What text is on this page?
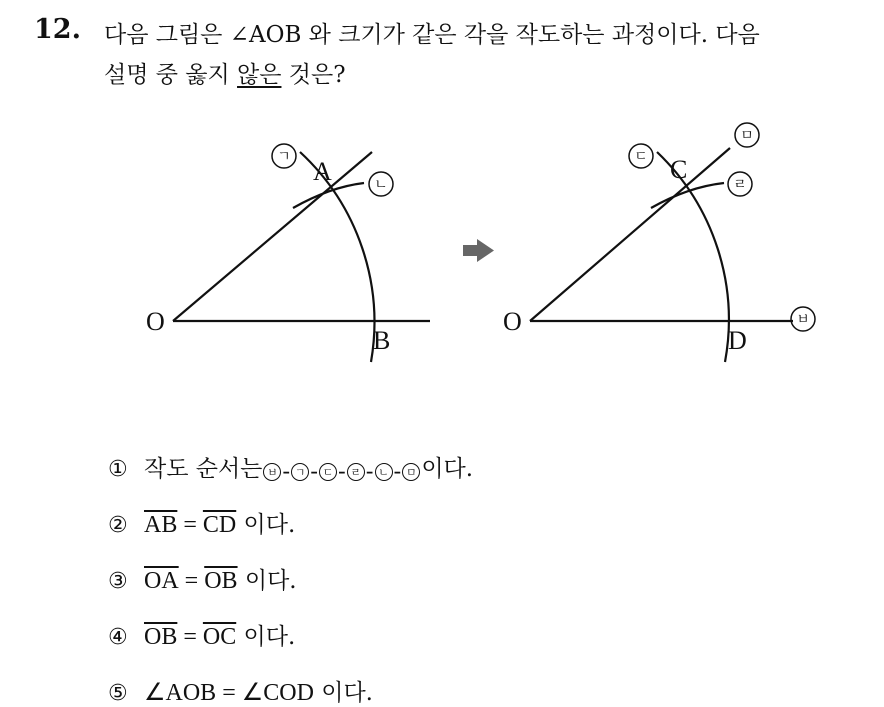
12. 다음 그림은 ∠AOB 와 크기가 같은 각을 작도하는 과정이다. 다음
설명 중 옳지 않은 것은?
O
A
B
ㄱ
ㄴ
O
C
D
ㄷ
ㄹ
ㅁ
ㅂ
① 작도 순서는 ㅂ - ㄱ - ㄷ - ㄹ - ㄴ - ㅁ 이다.
② $\overline{AB} = \overline{CD}$ 이다.
③ $\overline{OA} = \overline{OB}$ 이다.
④ $\overline{OB} = \overline{OC}$ 이다.
⑤ ∠AOB = ∠COD 이다.
